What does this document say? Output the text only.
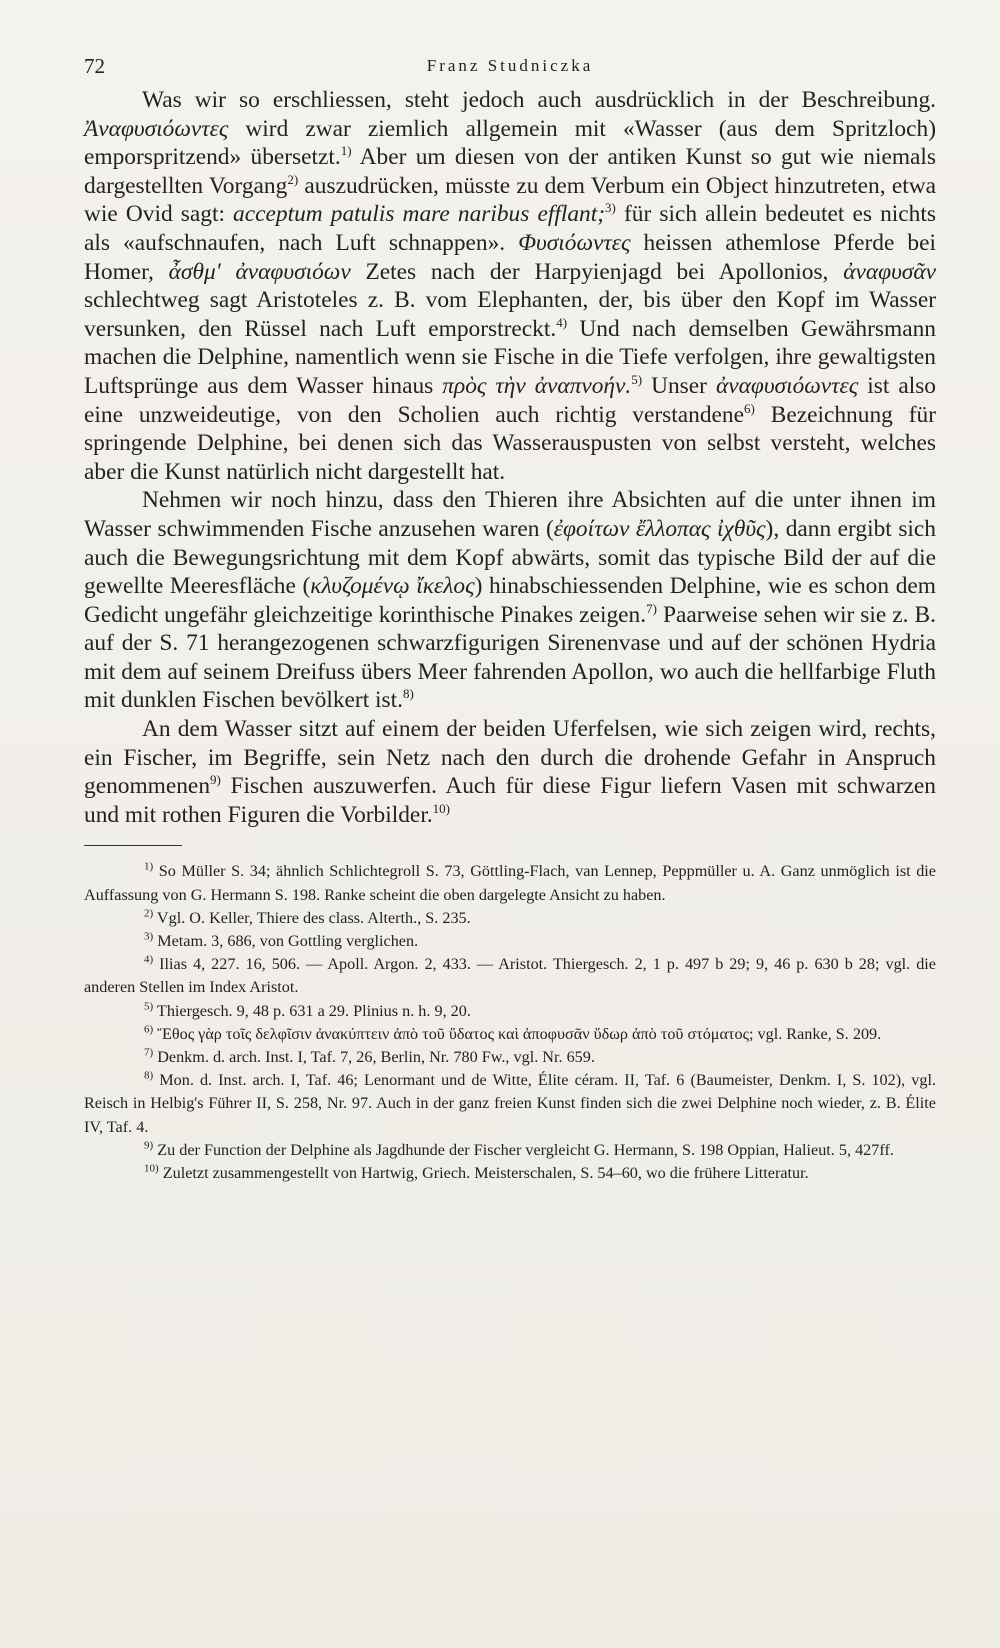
72	Franz Studniczka

Was wir so erschliessen, steht jedoch auch ausdrücklich in der Beschreibung. Ἀναφυσιόωντες wird zwar ziemlich allgemein mit «Wasser (aus dem Spritzloch) emporspritzend» übersetzt.$^{1)}$ Aber um diesen von der antiken Kunst so gut wie niemals dargestellten Vorgang$^{2)}$ auszudrücken, müsste zu dem Verbum ein Object hinzutreten, etwa wie Ovid sagt: acceptum patulis mare naribus efflant;$^{3)}$ für sich allein bedeutet es nichts als «aufschnaufen, nach Luft schnappen». Φυσιόωντες heissen athemlose Pferde bei Homer, ἆσθμ' ἀναφυσιόων Zetes nach der Harpyienjagd bei Apollonios, ἀναφυσᾶν schlechtweg sagt Aristoteles z. B. vom Elephanten, der, bis über den Kopf im Wasser versunken, den Rüssel nach Luft emporstreckt.$^{4)}$ Und nach demselben Gewährsmann machen die Delphine, namentlich wenn sie Fische in die Tiefe verfolgen, ihre gewaltigsten Luftsprünge aus dem Wasser hinaus πρὸς τὴν ἀναπνοήν.$^{5)}$ Unser ἀναφυσιόωντες ist also eine unzweideutige, von den Scholien auch richtig verstandene$^{6)}$ Bezeichnung für springende Delphine, bei denen sich das Wasserauspusten von selbst versteht, welches aber die Kunst natürlich nicht dargestellt hat.

Nehmen wir noch hinzu, dass den Thieren ihre Absichten auf die unter ihnen im Wasser schwimmenden Fische anzusehen waren (ἐφοίτων ἔλλοπας ἰχθῦς), dann ergibt sich auch die Bewegungsrichtung mit dem Kopf abwärts, somit das typische Bild der auf die gewellte Meeresfläche (κλυζομένῳ ἴκελος) hinabschiessenden Delphine, wie es schon dem Gedicht ungefähr gleichzeitige korinthische Pinakes zeigen.$^{7)}$ Paarweise sehen wir sie z. B. auf der S. 71 herangezogenen schwarzfigurigen Sirenenvase und auf der schönen Hydria mit dem auf seinem Dreifuss übers Meer fahrenden Apollon, wo auch die hellfarbige Fluth mit dunklen Fischen bevölkert ist.$^{8)}$

An dem Wasser sitzt auf einem der beiden Uferfelsen, wie sich zeigen wird, rechts, ein Fischer, im Begriffe, sein Netz nach den durch die drohende Gefahr in Anspruch genommenen$^{9)}$ Fischen auszuwerfen. Auch für diese Figur liefern Vasen mit schwarzen und mit rothen Figuren die Vorbilder.$^{10)}$

$^{1)}$ So Müller S. 34; ähnlich Schlichtegroll S. 73, Göttling-Flach, van Lennep, Peppmüller u. A. Ganz unmöglich ist die Auffassung von G. Hermann S. 198. Ranke scheint die oben dargelegte Ansicht zu haben.

$^{2)}$ Vgl. O. Keller, Thiere des class. Alterth., S. 235.

$^{3)}$ Metam. 3, 686, von Gottling verglichen.

$^{4)}$ Ilias 4, 227. 16, 506. — Apoll. Argon. 2, 433. — Aristot. Thiergesch. 2, 1 p. 497 b 29; 9, 46 p. 630 b 28; vgl. die anderen Stellen im Index Aristot.

$^{5)}$ Thiergesch. 9, 48 p. 631 a 29. Plinius n. h. 9, 20.

$^{6)}$ Ἔθος γὰρ τοῖς δελφῖσιν ἀνακύπτειν ἀπὸ τοῦ ὕδατος καὶ ἀποφυσᾶν ὕδωρ ἀπὸ τοῦ στόματος; vgl. Ranke, S. 209.

$^{7)}$ Denkm. d. arch. Inst. I, Taf. 7, 26, Berlin, Nr. 780 Fw., vgl. Nr. 659.

$^{8)}$ Mon. d. Inst. arch. I, Taf. 46; Lenormant und de Witte, Élite céram. II, Taf. 6 (Baumeister, Denkm. I, S. 102), vgl. Reisch in Helbig's Führer II, S. 258, Nr. 97. Auch in der ganz freien Kunst finden sich die zwei Delphine noch wieder, z. B. Élite IV, Taf. 4.

$^{9)}$ Zu der Function der Delphine als Jagdhunde der Fischer vergleicht G. Hermann, S. 198 Oppian, Halieut. 5, 427ff.

$^{10)}$ Zuletzt zusammengestellt von Hartwig, Griech. Meisterschalen, S. 54–60, wo die frühere Litteratur.
